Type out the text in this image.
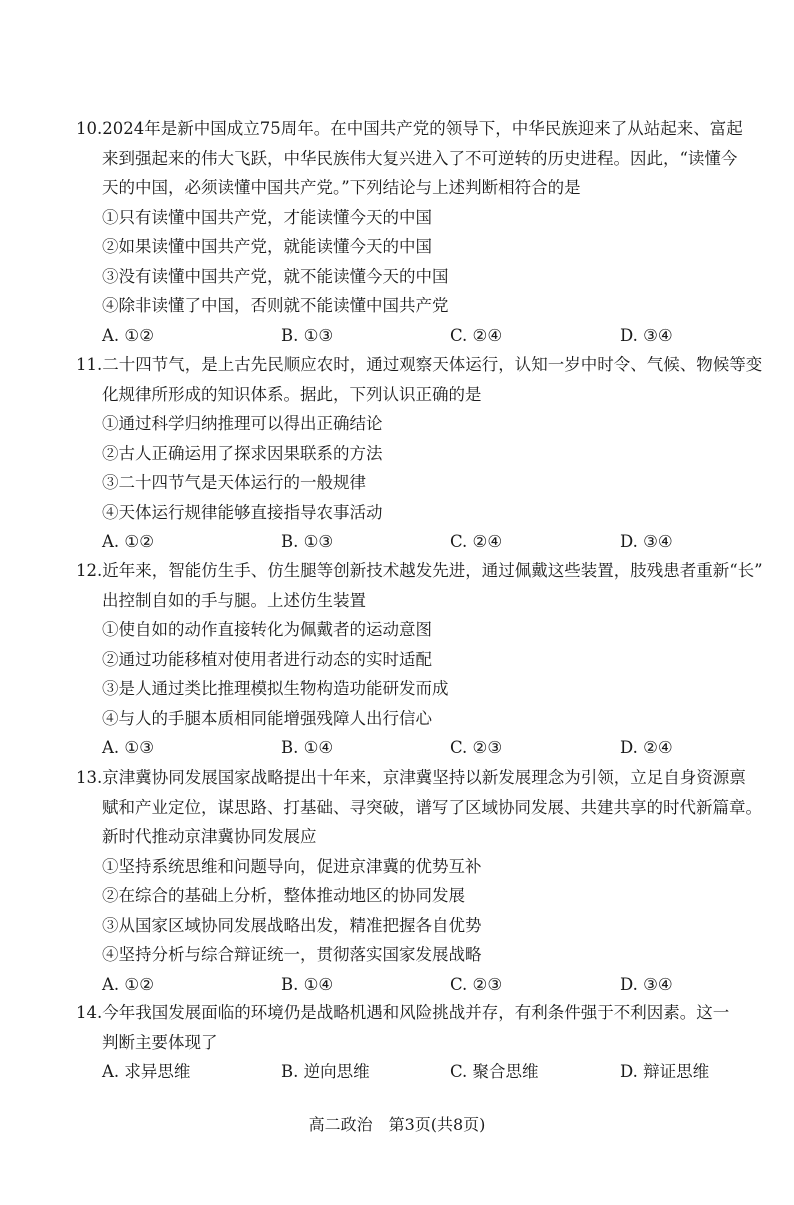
10.2024年是新中国成立75周年。在中国共产党的领导下，中华民族迎来了从站起来、富起
来到强起来的伟大飞跃，中华民族伟大复兴进入了不可逆转的历史进程。因此，“读懂今
天的中国，必须读懂中国共产党。”下列结论与上述判断相符合的是
①只有读懂中国共产党，才能读懂今天的中国
②如果读懂中国共产党，就能读懂今天的中国
③没有读懂中国共产党，就不能读懂今天的中国
④除非读懂了中国，否则就不能读懂中国共产党
A. ①②	B. ①③	C. ②④	D. ③④
11.二十四节气，是上古先民顺应农时，通过观察天体运行，认知一岁中时令、气候、物候等变
化规律所形成的知识体系。据此，下列认识正确的是
①通过科学归纳推理可以得出正确结论
②古人正确运用了探求因果联系的方法
③二十四节气是天体运行的一般规律
④天体运行规律能够直接指导农事活动
A. ①②	B. ①③	C. ②④	D. ③④
12.近年来，智能仿生手、仿生腿等创新技术越发先进，通过佩戴这些装置，肢残患者重新“长”
出控制自如的手与腿。上述仿生装置
①使自如的动作直接转化为佩戴者的运动意图
②通过功能移植对使用者进行动态的实时适配
③是人通过类比推理模拟生物构造功能研发而成
④与人的手腿本质相同能增强残障人出行信心
A. ①③	B. ①④	C. ②③	D. ②④
13.京津冀协同发展国家战略提出十年来，京津冀坚持以新发展理念为引领，立足自身资源禀
赋和产业定位，谋思路、打基础、寻突破，谱写了区域协同发展、共建共享的时代新篇章。
新时代推动京津冀协同发展应
①坚持系统思维和问题导向，促进京津冀的优势互补
②在综合的基础上分析，整体推动地区的协同发展
③从国家区域协同发展战略出发，精准把握各自优势
④坚持分析与综合辩证统一，贯彻落实国家发展战略
A. ①②	B. ①④	C. ②③	D. ③④
14.今年我国发展面临的环境仍是战略机遇和风险挑战并存，有利条件强于不利因素。这一
判断主要体现了
A. 求异思维	B. 逆向思维	C. 聚合思维	D. 辩证思维
高二政治　第3页(共8页)
